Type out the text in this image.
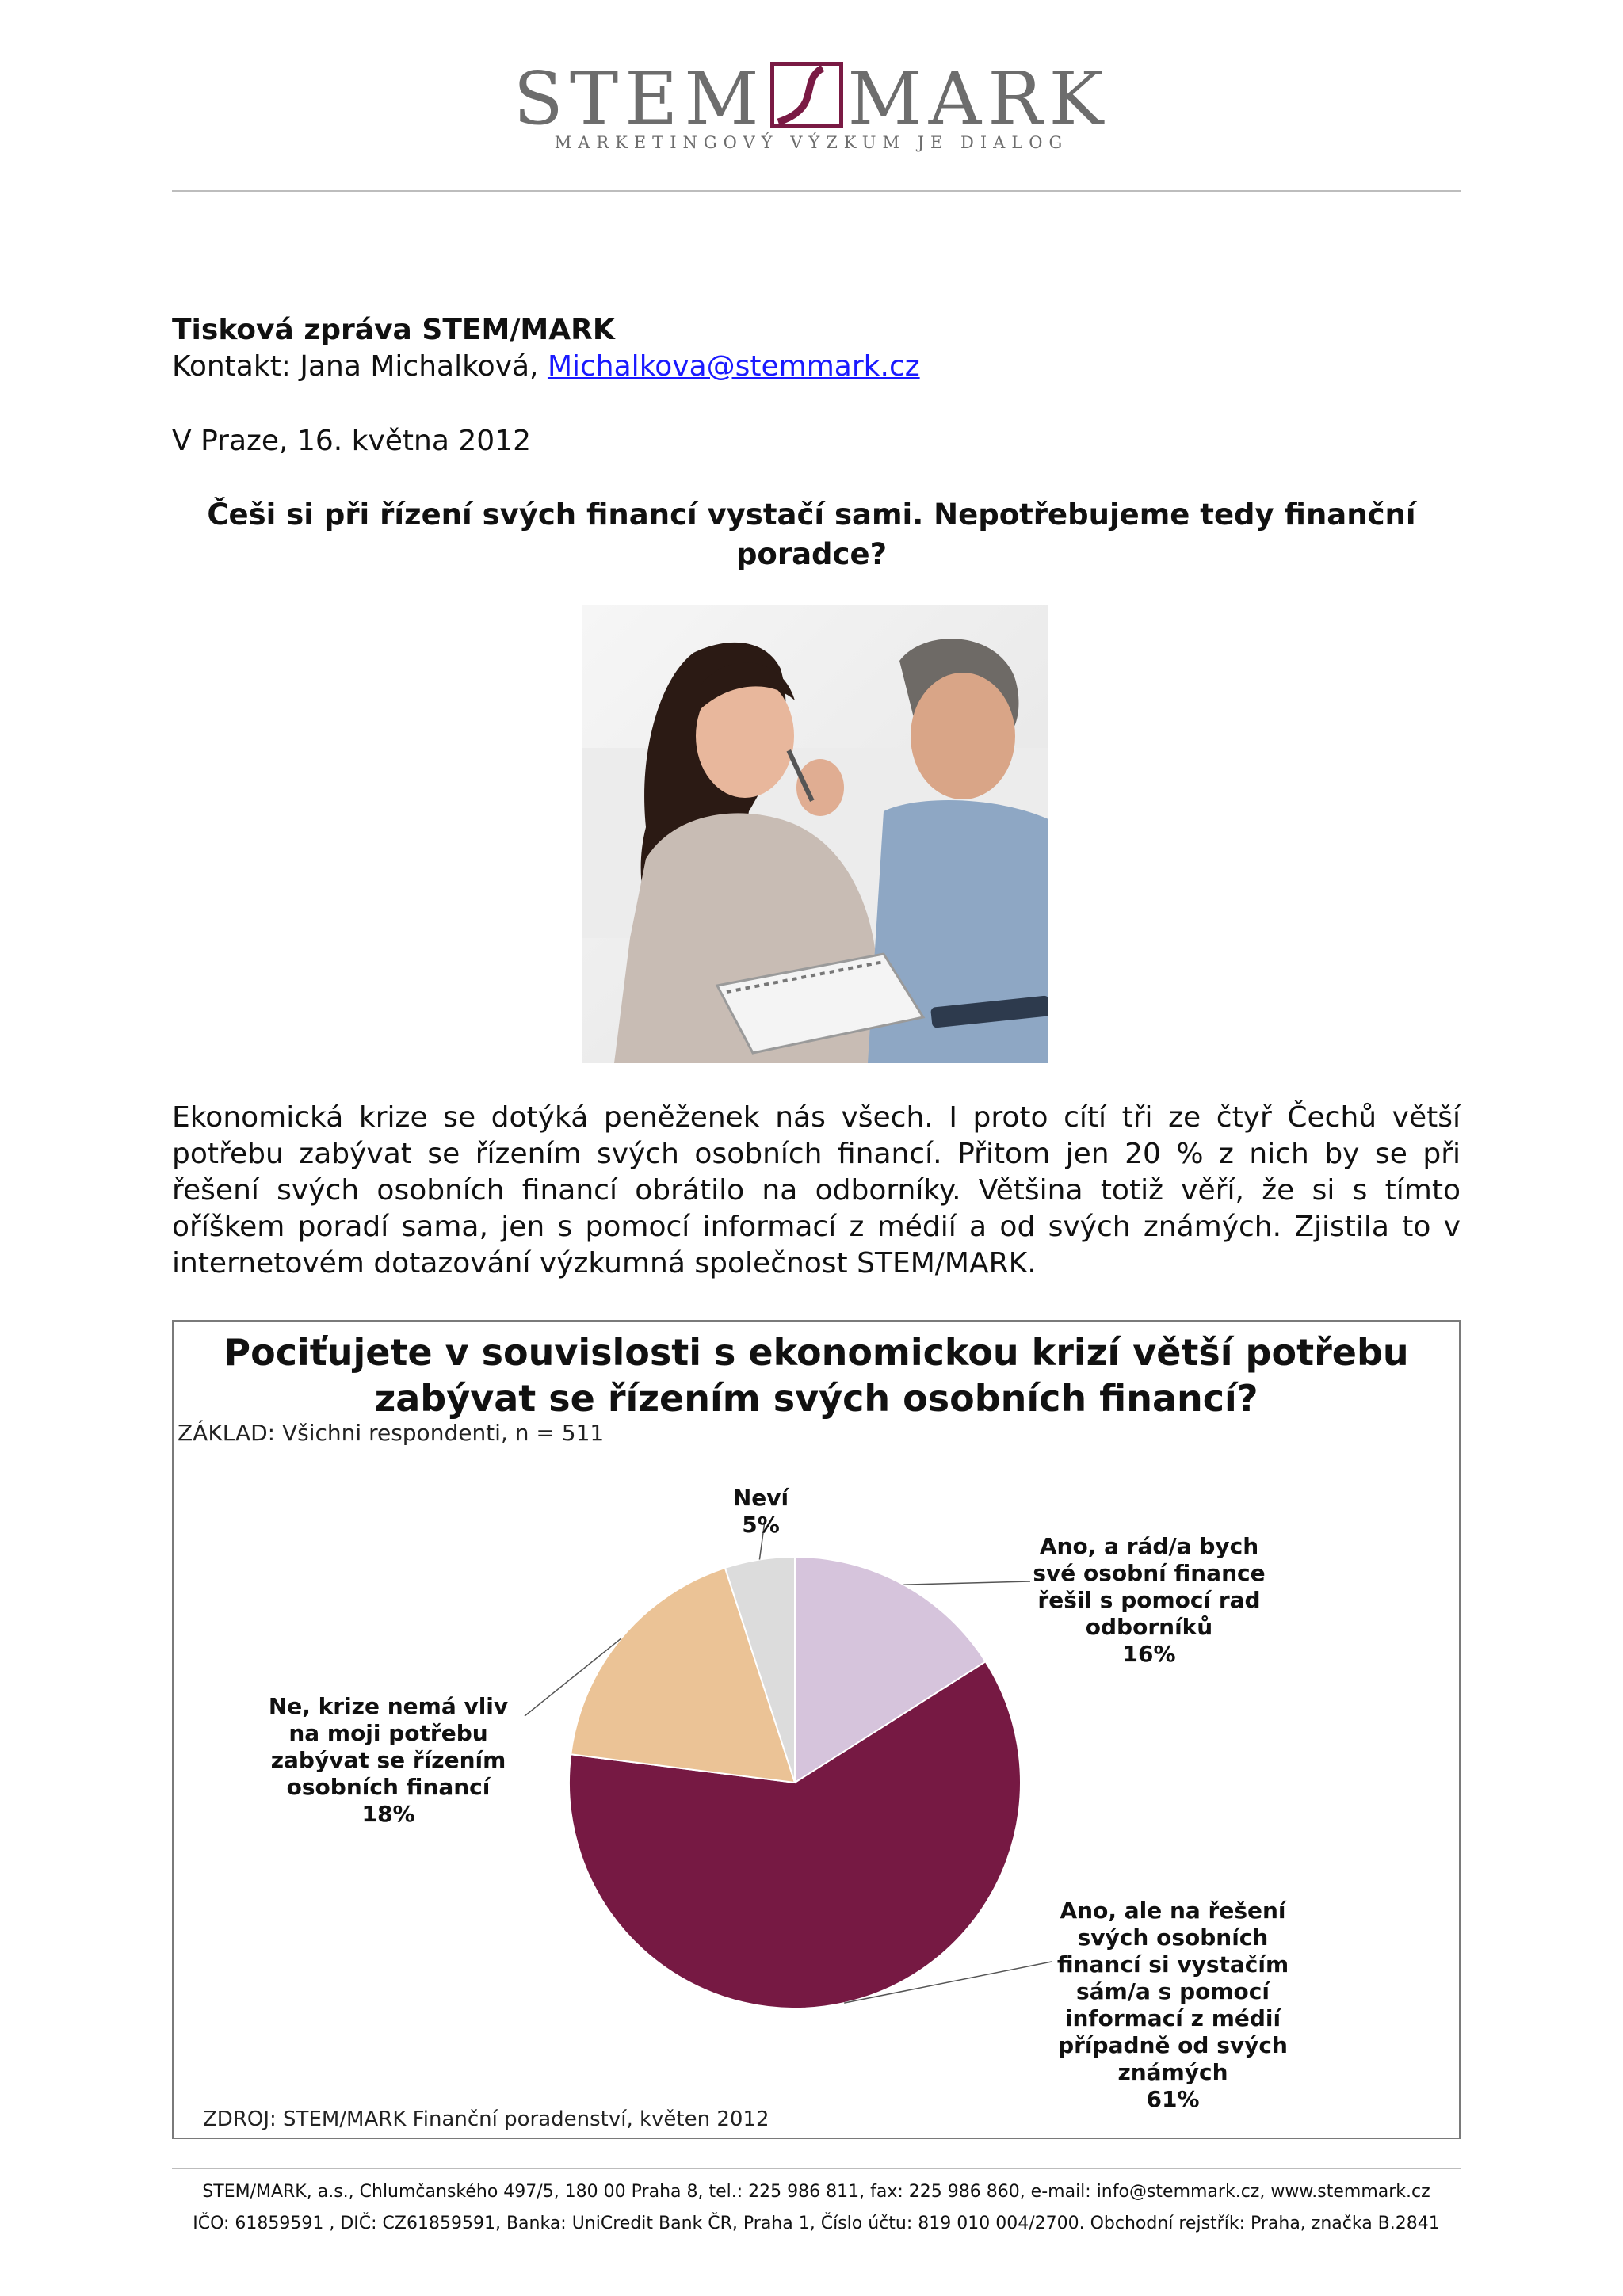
STEM MARK
MARKETINGOVÝ VÝZKUM JE DIALOG
Tisková zpráva STEM/MARK
Kontakt: Jana Michalková, Michalkova@stemmark.cz
V Praze, 16. května 2012
Češi si při řízení svých financí vystačí sami. Nepotřebujeme tedy finanční poradce?
Ekonomická krize se dotýká peněženek nás všech. I proto cítí tři ze čtyř Čechů větší potřebu zabývat se řízením svých osobních financí. Přitom jen 20 % z nich by se při řešení svých osobních financí obrátilo na odborníky. Většina totiž věří, že si s tímto oříškem poradí sama, jen s pomocí informací z médií a od svých známých. Zjistila to v internetovém dotazování výzkumná společnost STEM/MARK.
Pociťujete v souvislosti s ekonomickou krizí větší potřebu zabývat se řízením svých osobních financí?
ZÁKLAD: Všichni respondenti, n = 511
Ano, a rád/a bych své osobní finance řešil s pomocí rad odborníků
16%
Ano, ale na řešení svých osobních financí si vystačím sám/a s pomocí informací z médií případně od svých známých
61%
Ne, krize nemá vliv na moji potřebu zabývat se řízením osobních financí
18%
Neví
5%
ZDROJ: STEM/MARK Finanční poradenství, květen 2012
STEM/MARK, a.s., Chlumčanského 497/5, 180 00 Praha 8, tel.: 225 986 811, fax: 225 986 860, e-mail: info@stemmark.cz, www.stemmark.cz
IČO: 61859591 , DIČ: CZ61859591, Banka: UniCredit Bank ČR, Praha 1, Číslo účtu: 819 010 004/2700. Obchodní rejstřík: Praha, značka B.2841
